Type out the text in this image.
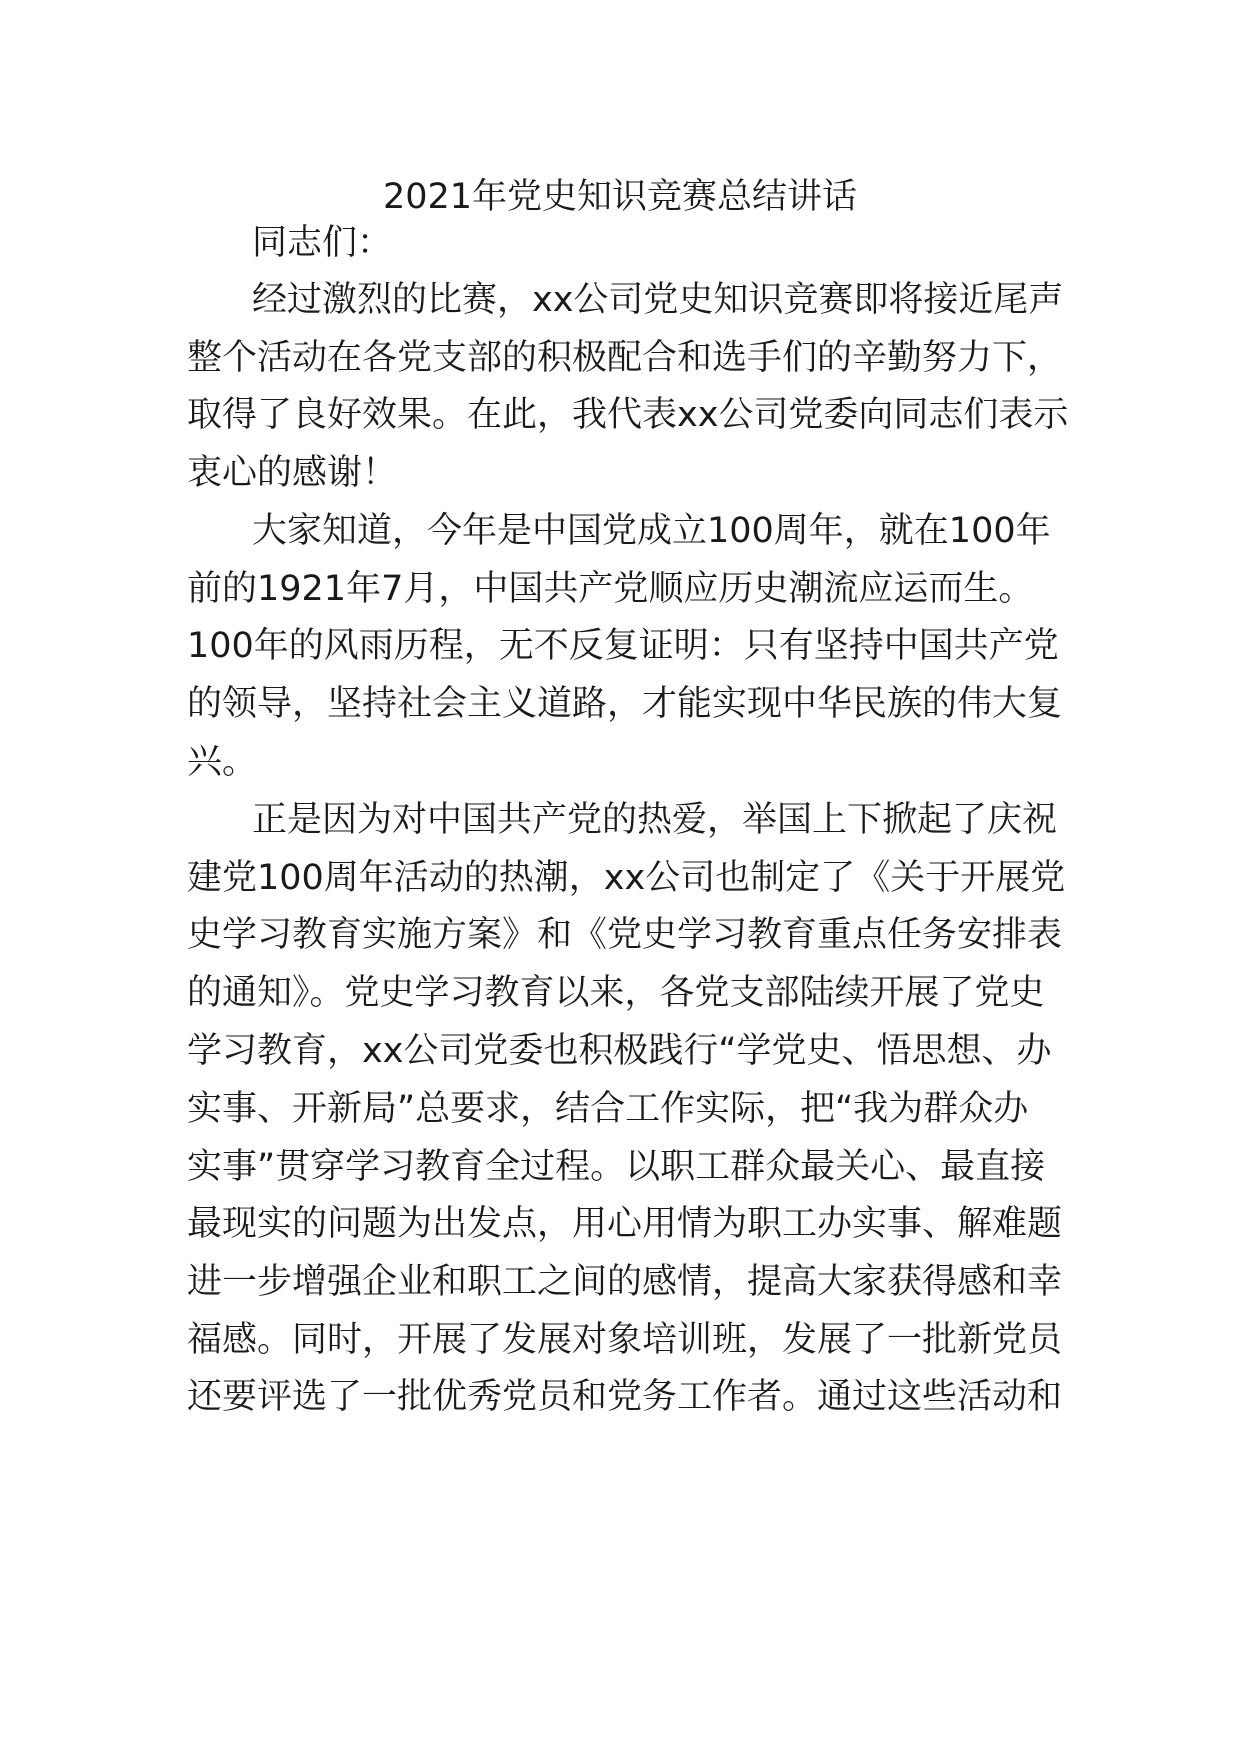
2021年党史知识竞赛总结讲话

同志们：

经过激烈的比赛，xx公司党史知识竞赛即将接近尾声

整个活动在各党支部的积极配合和选手们的辛勤努力下，

取得了良好效果。在此，我代表xx公司党委向同志们表示

衷心的感谢！

大家知道，今年是中国党成立100周年，就在100年

前的1921年7月，中国共产党顺应历史潮流应运而生。

100年的风雨历程，无不反复证明：只有坚持中国共产党

的领导，坚持社会主义道路，才能实现中华民族的伟大复

兴。

正是因为对中国共产党的热爱，举国上下掀起了庆祝

建党100周年活动的热潮，xx公司也制定了《关于开展党

史学习教育实施方案》和《党史学习教育重点任务安排表

的通知》。党史学习教育以来，各党支部陆续开展了党史

学习教育，xx公司党委也积极践行“学党史、悟思想、办

实事、开新局”总要求，结合工作实际，把“我为群众办

实事”贯穿学习教育全过程。以职工群众最关心、最直接

最现实的问题为出发点，用心用情为职工办实事、解难题

进一步增强企业和职工之间的感情，提高大家获得感和幸

福感。同时，开展了发展对象培训班，发展了一批新党员

还要评选了一批优秀党员和党务工作者。通过这些活动和
